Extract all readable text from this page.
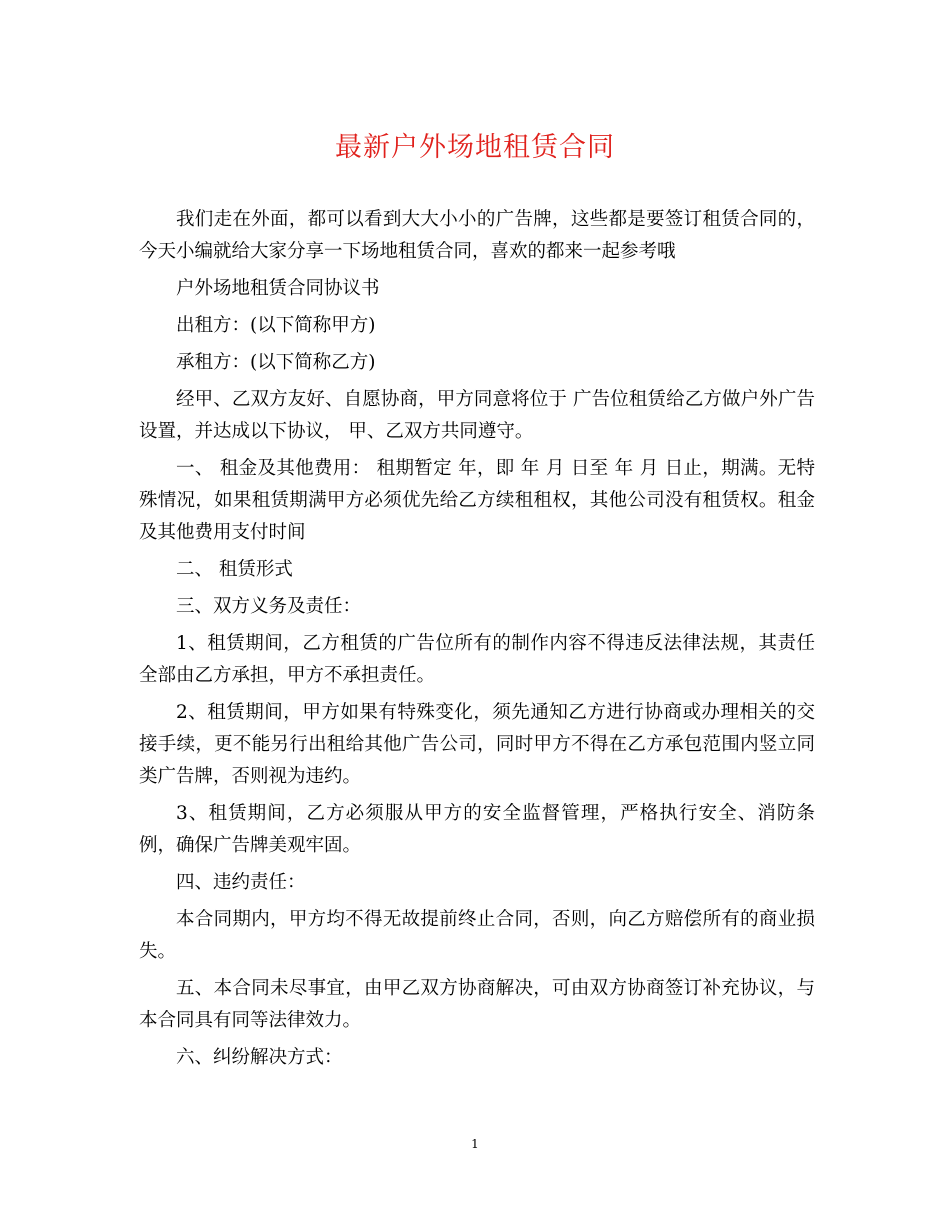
最新户外场地租赁合同

我们走在外面，都可以看到大大小小的广告牌，这些都是要签订租赁合同的，今天小编就给大家分享一下场地租赁合同，喜欢的都来一起参考哦

户外场地租赁合同协议书

出租方：(以下简称甲方)

承租方：(以下简称乙方)

经甲、乙双方友好、自愿协商，甲方同意将位于 广告位租赁给乙方做户外广告设置，并达成以下协议， 甲、乙双方共同遵守。

一、 租金及其他费用： 租期暂定 年，即 年 月 日至 年 月 日止，期满。无特殊情况，如果租赁期满甲方必须优先给乙方续租租权，其他公司没有租赁权。租金及其他费用支付时间

二、 租赁形式

三、双方义务及责任：

1、租赁期间，乙方租赁的广告位所有的制作内容不得违反法律法规，其责任全部由乙方承担，甲方不承担责任。

2、租赁期间，甲方如果有特殊变化，须先通知乙方进行协商或办理相关的交接手续，更不能另行出租给其他广告公司，同时甲方不得在乙方承包范围内竖立同类广告牌，否则视为违约。

3、租赁期间，乙方必须服从甲方的安全监督管理，严格执行安全、消防条例，确保广告牌美观牢固。

四、违约责任：

本合同期内，甲方均不得无故提前终止合同，否则，向乙方赔偿所有的商业损失。

五、本合同未尽事宜，由甲乙双方协商解决，可由双方协商签订补充协议，与本合同具有同等法律效力。

六、纠纷解决方式：

1
